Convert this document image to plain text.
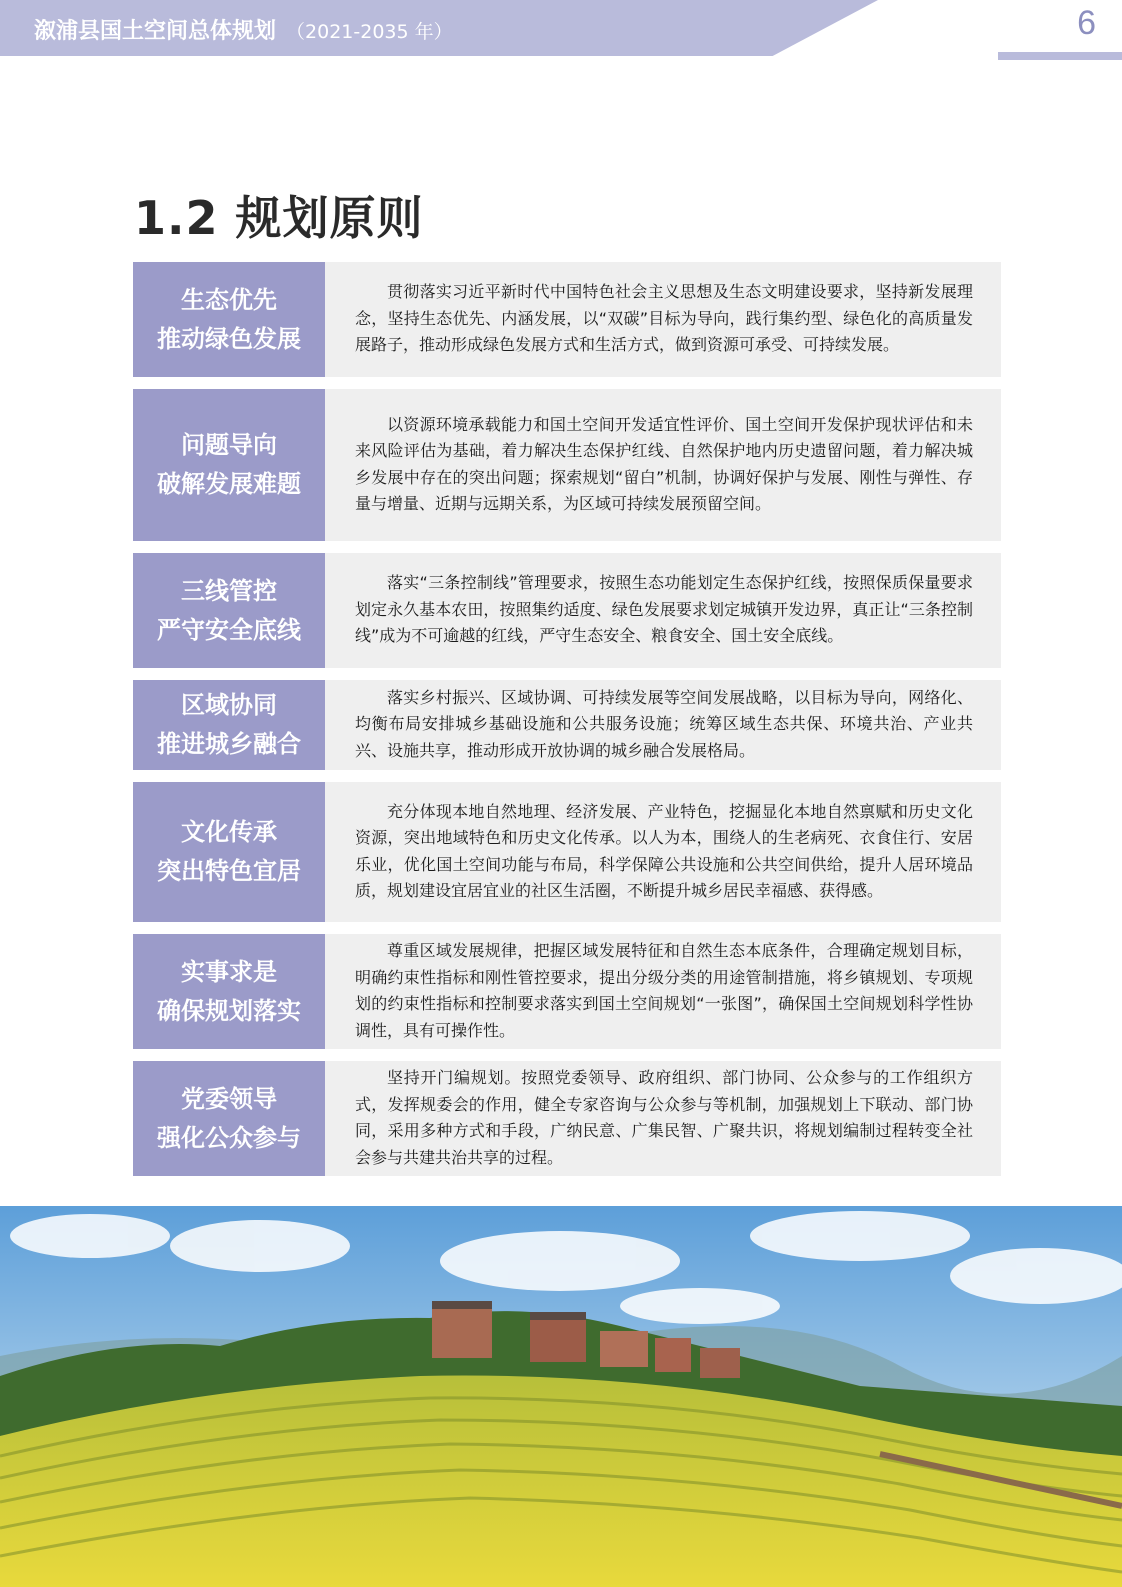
溆浦县国土空间总体规划 （2021-2035 年）	6
1.2 规划原则
生态优先
推动绿色发展
贯彻落实习近平新时代中国特色社会主义思想及生态文明建设要求，坚持新发展理念，坚持生态优先、内涵发展，以“双碳”目标为导向，践行集约型、绿色化的高质量发展路子，推动形成绿色发展方式和生活方式，做到资源可承受、可持续发展。
问题导向
破解发展难题
以资源环境承载能力和国土空间开发适宜性评价、国土空间开发保护现状评估和未来风险评估为基础，着力解决生态保护红线、自然保护地内历史遗留问题，着力解决城乡发展中存在的突出问题；探索规划“留白”机制，协调好保护与发展、刚性与弹性、存量与增量、近期与远期关系，为区域可持续发展预留空间。
三线管控
严守安全底线
落实“三条控制线”管理要求，按照生态功能划定生态保护红线，按照保质保量要求划定永久基本农田，按照集约适度、绿色发展要求划定城镇开发边界，真正让“三条控制线”成为不可逾越的红线，严守生态安全、粮食安全、国土安全底线。
区域协同
推进城乡融合
落实乡村振兴、区域协调、可持续发展等空间发展战略，以目标为导向，网络化、均衡布局安排城乡基础设施和公共服务设施；统筹区域生态共保、环境共治、产业共兴、设施共享，推动形成开放协调的城乡融合发展格局。
文化传承
突出特色宜居
充分体现本地自然地理、经济发展、产业特色，挖掘显化本地自然禀赋和历史文化资源，突出地域特色和历史文化传承。以人为本，围绕人的生老病死、衣食住行、安居乐业，优化国土空间功能与布局，科学保障公共设施和公共空间供给，提升人居环境品质，规划建设宜居宜业的社区生活圈，不断提升城乡居民幸福感、获得感。
实事求是
确保规划落实
尊重区域发展规律，把握区域发展特征和自然生态本底条件，合理确定规划目标，明确约束性指标和刚性管控要求，提出分级分类的用途管制措施，将乡镇规划、专项规划的约束性指标和控制要求落实到国土空间规划“一张图”，确保国土空间规划科学性协调性，具有可操作性。
党委领导
强化公众参与
坚持开门编规划。按照党委领导、政府组织、部门协同、公众参与的工作组织方式，发挥规委会的作用，健全专家咨询与公众参与等机制，加强规划上下联动、部门协同，采用多种方式和手段，广纳民意、广集民智、广聚共识，将规划编制过程转变全社会参与共建共治共享的过程。
